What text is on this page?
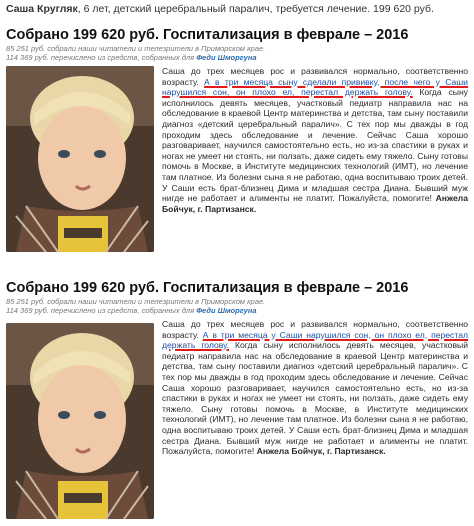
Саша Кругляк, 6 лет, детский церебральный паралич, требуется лечение. 199 620 руб.
Собрано 199 620 руб. Госпитализация в феврале – 2016
85 251 руб. собрали наши читатели и телезрители в Приморском крае.
114 369 руб. перечислено из средств, собранных для Феди Шморгуна
Саша до трех месяцев рос и развивался нормально, соответственно возрасту. А в три месяца сыну сделали прививку, после чего у Саши нарушился сон, он плохо ел, перестал держать голову. Когда сыну исполнилось девять месяцев, участковый педиатр направила нас на обследование в краевой Центр материнства и детства, там сыну поставили диагноз «детский церебральный паралич». С тех пор мы дважды в год проходим здесь обследование и лечение. Сейчас Саша хорошо разговаривает, научился самостоятельно есть, но из-за спастики в руках и ногах не умеет ни стоять, ни ползать, даже сидеть ему тяжело. Сыну готовы помочь в Москве, в Институте медицинских технологий (ИМТ), но лечение там платное. Из болезни сына я не работаю, одна воспитываю троих детей. У Саши есть брат-близнец Дима и младшая сестра Диана. Бывший муж нигде не работает и алименты не платит. Пожалуйста, помогите! Анжела Бойчук, г. Партизанск.
Собрано 199 620 руб. Госпитализация в феврале – 2016
85 251 руб. собрали наши читатели и телезрители в Приморском крае.
114 369 руб. перечислено из средств, собранных для Феди Шморгуна
Саша до трех месяцев рос и развивался нормально, соответственно возрасту. А в три месяца у Саши нарушился сон, он плохо ел, перестал держать голову. Когда сыну исполнилось девять месяцев, участковый педиатр направила нас на обследование в краевой Центр материнства и детства, там сыну поставили диагноз «детский церебральный паралич». С тех пор мы дважды в год проходим здесь обследование и лечение. Сейчас Саша хорошо разговаривает, научился самостоятельно есть, но из-за спастики в руках и ногах не умеет ни стоять, ни ползать, даже сидеть ему тяжело. Сыну готовы помочь в Москве, в Институте медицинских технологий (ИМТ), но лечение там платное. Из болезни сына я не работаю, одна воспитываю троих детей. У Саши есть брат-близнец Дима и младшая сестра Диана. Бывший муж нигде не работает и алименты не платит. Пожалуйста, помогите! Анжела Бойчук, г. Партизанск.
